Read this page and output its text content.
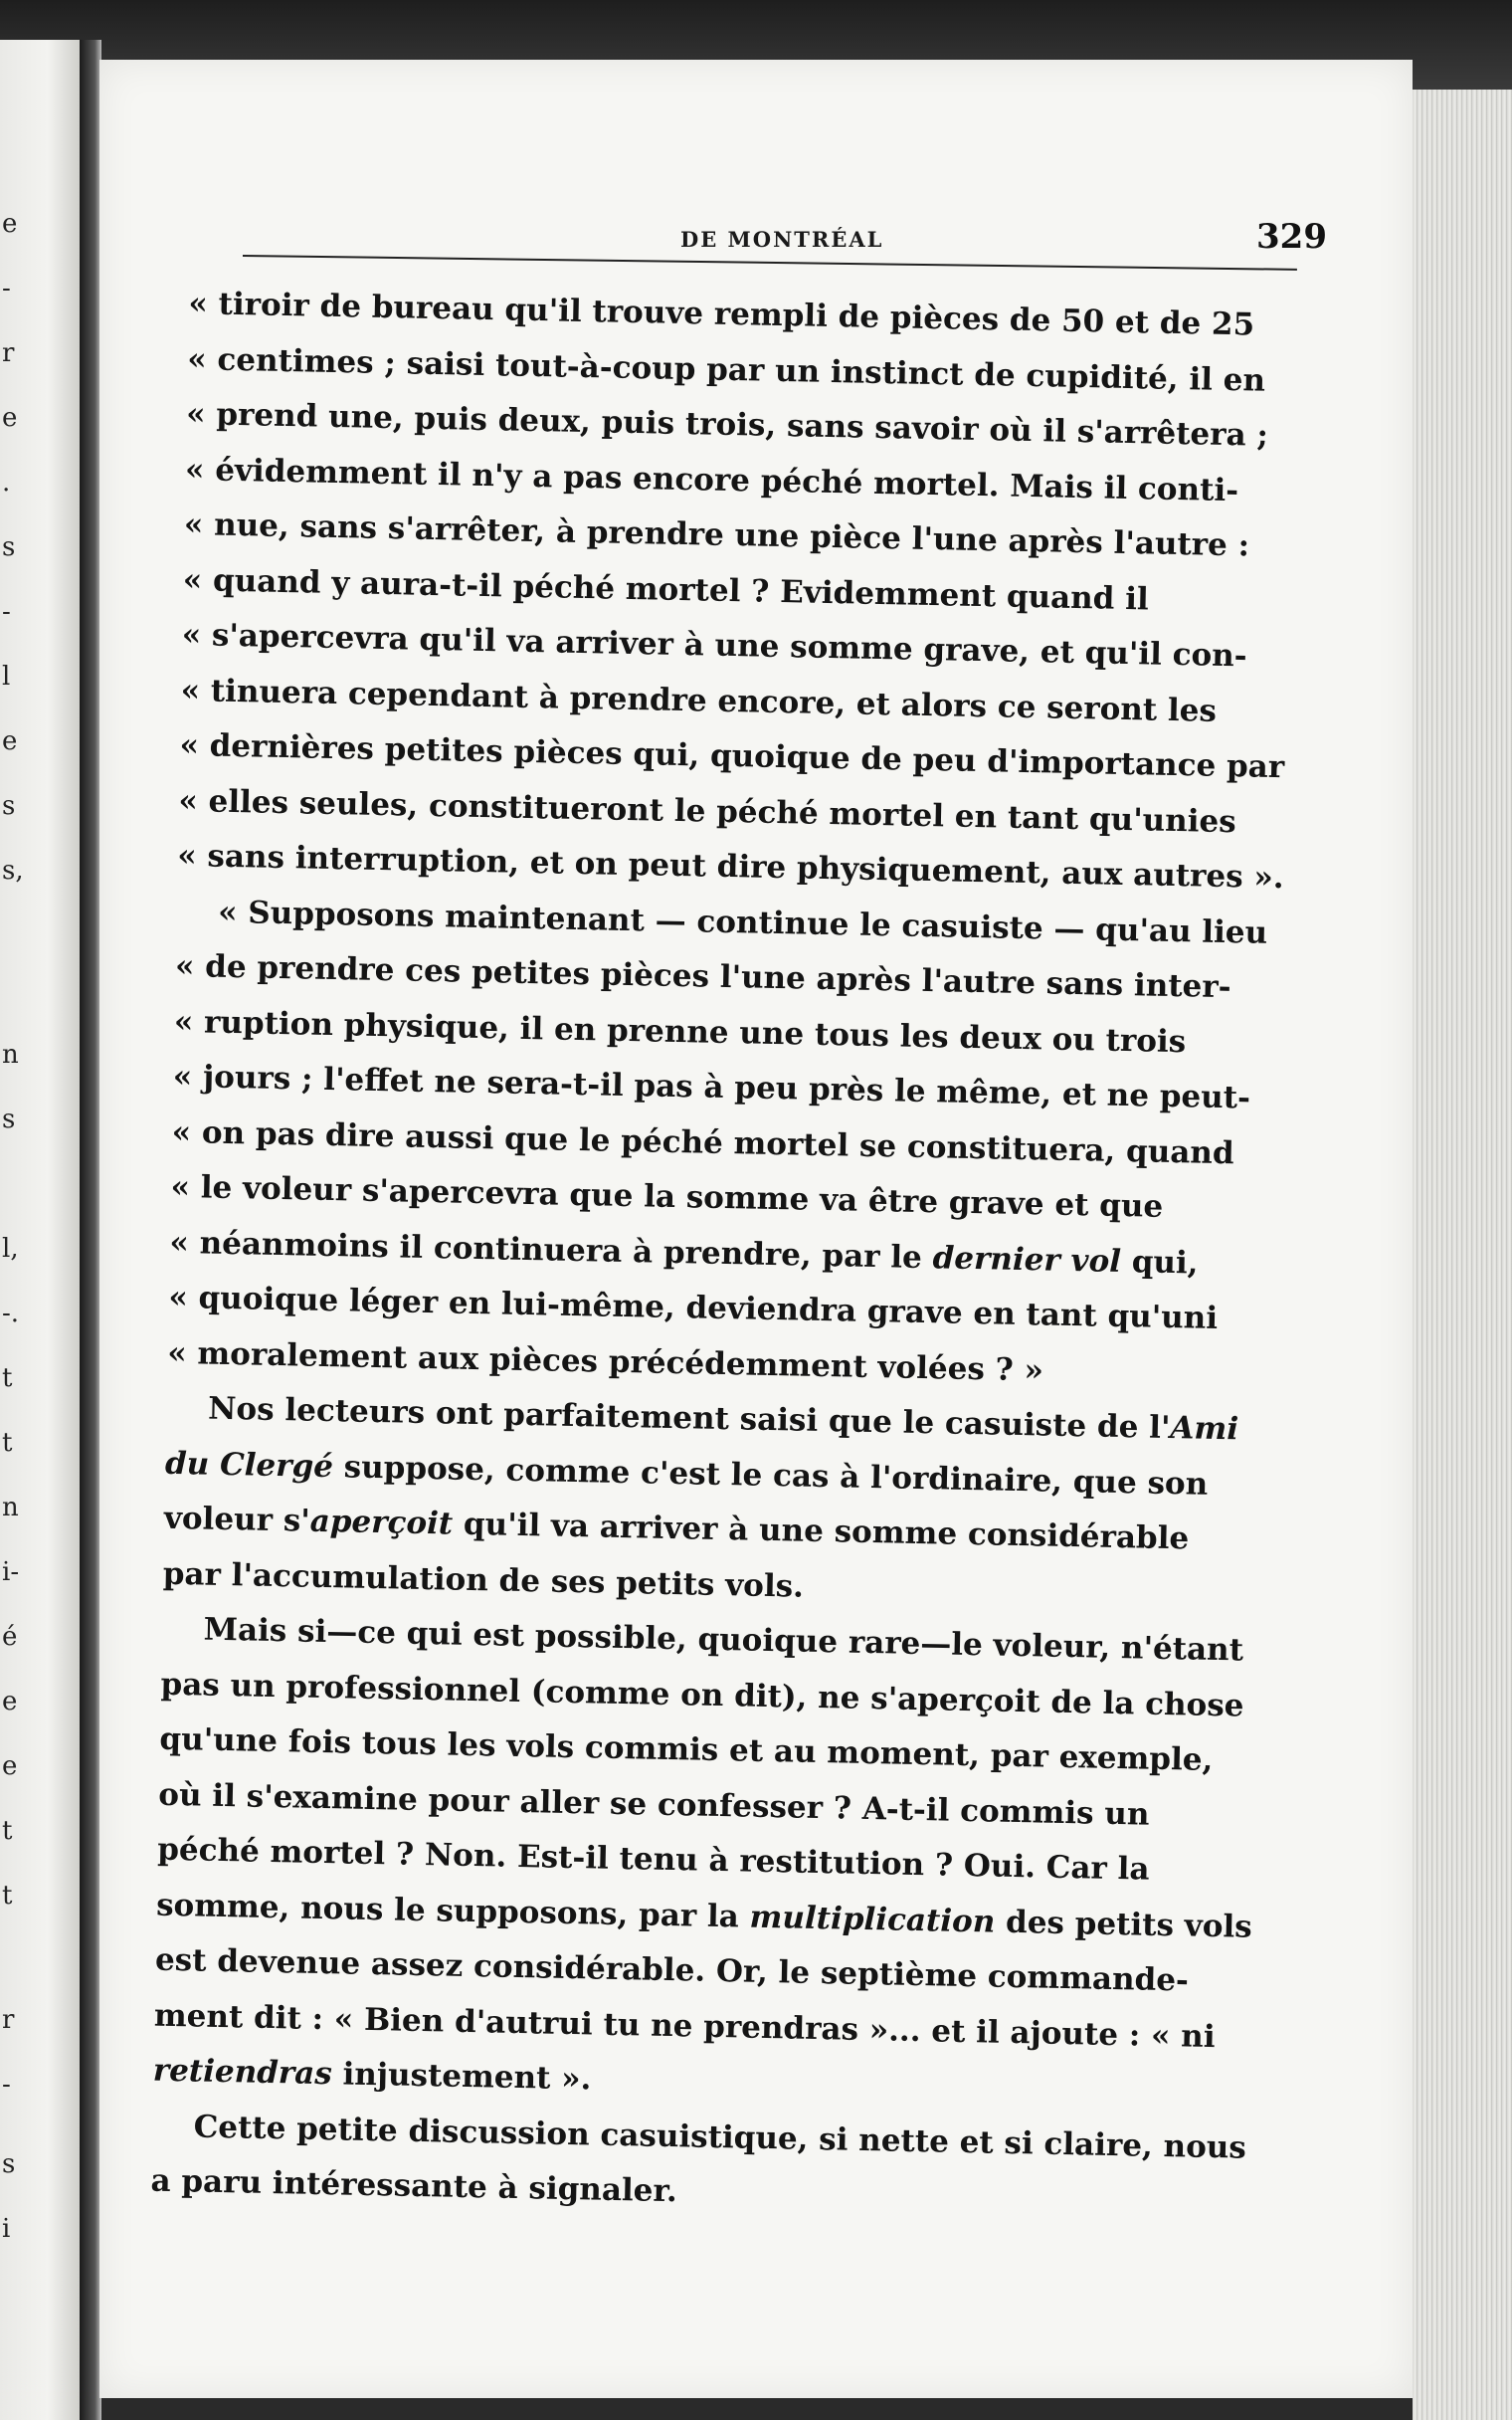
e
-
r
e
.
s
-
l
e
s
s,
n
s
l,
-.
t
t
n
i-
é
e
e
t
t
r
-
s
i
DE MONTRÉAL	329

« tiroir de bureau qu'il trouve rempli de pièces de 50 et de 25
« centimes ; saisi tout-à-coup par un instinct de cupidité, il en
« prend une, puis deux, puis trois, sans savoir où il s'arrêtera ;
« évidemment il n'y a pas encore péché mortel. Mais il conti-
« nue, sans s'arrêter, à prendre une pièce l'une après l'autre :
« quand y aura-t-il péché mortel ? Evidemment quand il
« s'apercevra qu'il va arriver à une somme grave, et qu'il con-
« tinuera cependant à prendre encore, et alors ce seront les
« dernières petites pièces qui, quoique de peu d'importance par
« elles seules, constitueront le péché mortel en tant qu'unies
« sans interruption, et on peut dire physiquement, aux autres ».

« Supposons maintenant — continue le casuiste — qu'au lieu
« de prendre ces petites pièces l'une après l'autre sans inter-
« ruption physique, il en prenne une tous les deux ou trois
« jours ; l'effet ne sera-t-il pas à peu près le même, et ne peut-
« on pas dire aussi que le péché mortel se constituera, quand
« le voleur s'apercevra que la somme va être grave et que
« néanmoins il continuera à prendre, par le dernier vol qui,
« quoique léger en lui-même, deviendra grave en tant qu'uni
« moralement aux pièces précédemment volées ? »

Nos lecteurs ont parfaitement saisi que le casuiste de l'Ami
du Clergé suppose, comme c'est le cas à l'ordinaire, que son
voleur s'aperçoit qu'il va arriver à une somme considérable
par l'accumulation de ses petits vols.

Mais si—ce qui est possible, quoique rare—le voleur, n'étant
pas un professionnel (comme on dit), ne s'aperçoit de la chose
qu'une fois tous les vols commis et au moment, par exemple,
où il s'examine pour aller se confesser ? A-t-il commis un
péché mortel ? Non. Est-il tenu à restitution ? Oui. Car la
somme, nous le supposons, par la multiplication des petits vols
est devenue assez considérable. Or, le septième commande-
ment dit : « Bien d'autrui tu ne prendras »... et il ajoute : « ni
retiendras injustement ».

Cette petite discussion casuistique, si nette et si claire, nous
a paru intéressante à signaler.
